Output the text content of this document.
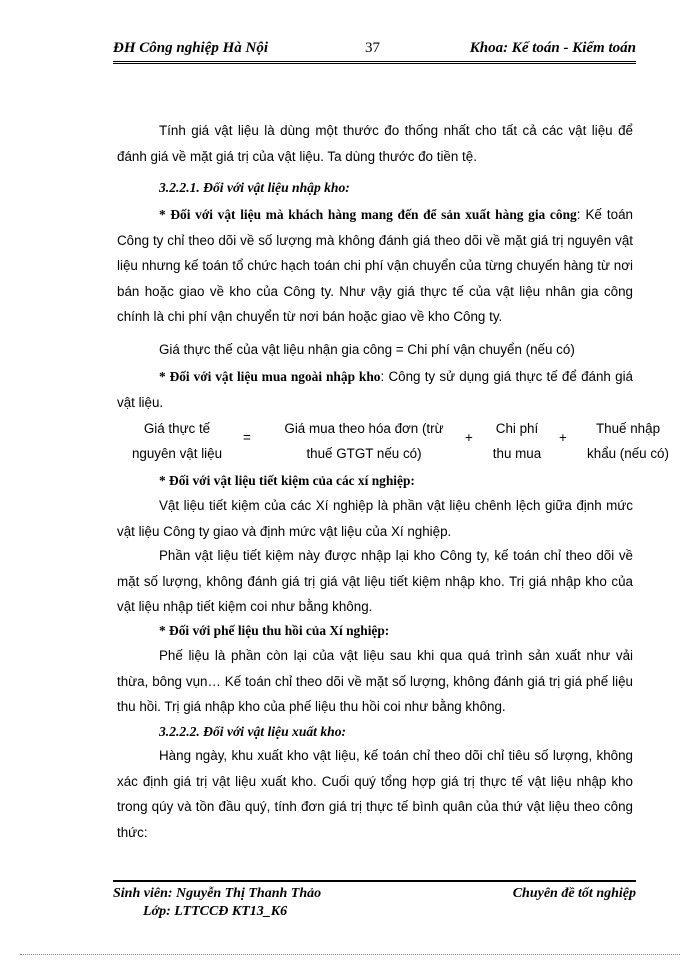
ĐH Công nghiệp Hà Nội	37	Khoa: Kế toán - Kiểm toán

Tính giá vật liệu là dùng một thước đo thống nhất cho tất cả các vật liệu để đánh giá về mặt giá trị của vật liệu. Ta dùng thước đo tiền tệ.

3.2.2.1. Đối với vật liệu nhập kho:

* Đối với vật liệu mà khách hàng mang đến để sản xuất hàng gia công: Kế toán Công ty chỉ theo dõi về số lượng mà không đánh giá theo dõi về mặt giá trị nguyên vật liệu nhưng kế toán tổ chức hạch toán chi phí vận chuyển của từng chuyến hàng từ nơi bán hoặc giao về kho của Công ty. Như vậy giá thực tế của vật liệu nhân gia công chính là chi phí vận chuyển từ nơi bán hoặc giao về kho Công ty.

Giá thực thế của vật liệu nhận gia công = Chi phí vận chuyển (nếu có)

* Đối với vật liệu mua ngoài nhập kho: Công ty sử dụng giá thực tế để đánh giá vật liệu.

Giá thực tế
nguyên vật liệu
=
Giá mua theo hóa đơn (trừ
thuế GTGT nếu có)
+
Chi phí
thu mua
+
Thuế nhập
khẩu (nếu có)

* Đối với vật liệu tiết kiệm của các xí nghiệp:

Vật liệu tiết kiệm của các Xí nghiệp là phần vật liệu chênh lệch giữa định mức vật liệu Công ty giao và định mức vật liệu của Xí nghiệp.

Phần vật liệu tiết kiệm này được nhập lại kho Công ty, kế toán chỉ theo dõi về mặt số lượng, không đánh giá trị giá vật liệu tiết kiệm nhập kho. Trị giá nhập kho của vật liệu nhập tiết kiệm coi như bằng không.

* Đối với phế liệu thu hồi của Xí nghiệp:

Phế liệu là phần còn lại của vật liệu sau khi qua quá trình sản xuất như vải thừa, bông vụn… Kế toán chỉ theo dõi về mặt số lượng, không đánh giá trị giá phế liệu thu hồi. Trị giá nhập kho của phế liệu thu hồi coi như bằng không.

3.2.2.2. Đối với vật liệu xuất kho:

Hàng ngày, khu xuất kho vật liệu, kế toán chỉ theo dõi chỉ tiêu số lượng, không xác định giá trị vật liệu xuất kho. Cuối quý tổng hợp giá trị thực tế vật liệu nhập kho trong qúy và tồn đầu quý, tính đơn giá trị thực tế bình quân của thứ vật liệu theo công thức:

Sinh viên: Nguyễn Thị Thanh Thảo	Chuyên đề tốt nghiệp
Lớp: LTTCCĐ KT13_K6
